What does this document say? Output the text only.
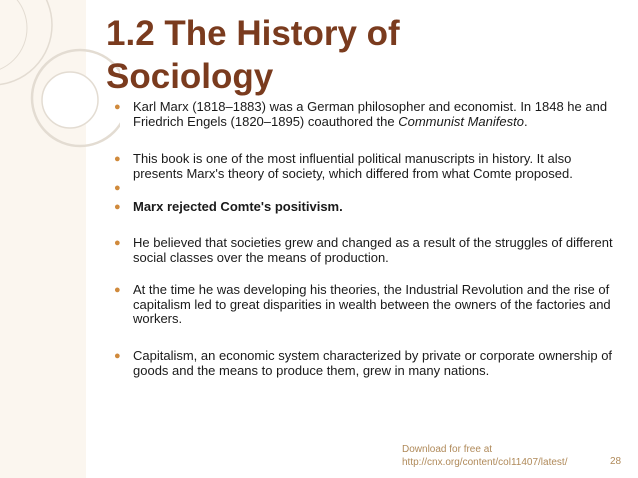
1.2 The History of Sociology
● Karl Marx (1818–1883) was a German philosopher and economist. In 1848 he and Friedrich Engels (1820–1895) coauthored the Communist Manifesto.
● This book is one of the most influential political manuscripts in history. It also presents Marx's theory of society, which differed from what Comte proposed.
●
● Marx rejected Comte's positivism.
● He believed that societies grew and changed as a result of the struggles of different social classes over the means of production.
● At the time he was developing his theories, the Industrial Revolution and the rise of capitalism led to great disparities in wealth between the owners of the factories and workers.
● Capitalism, an economic system characterized by private or corporate ownership of goods and the means to produce them, grew in many nations.
Download for free at
http://cnx.org/content/col11407/latest/	28
